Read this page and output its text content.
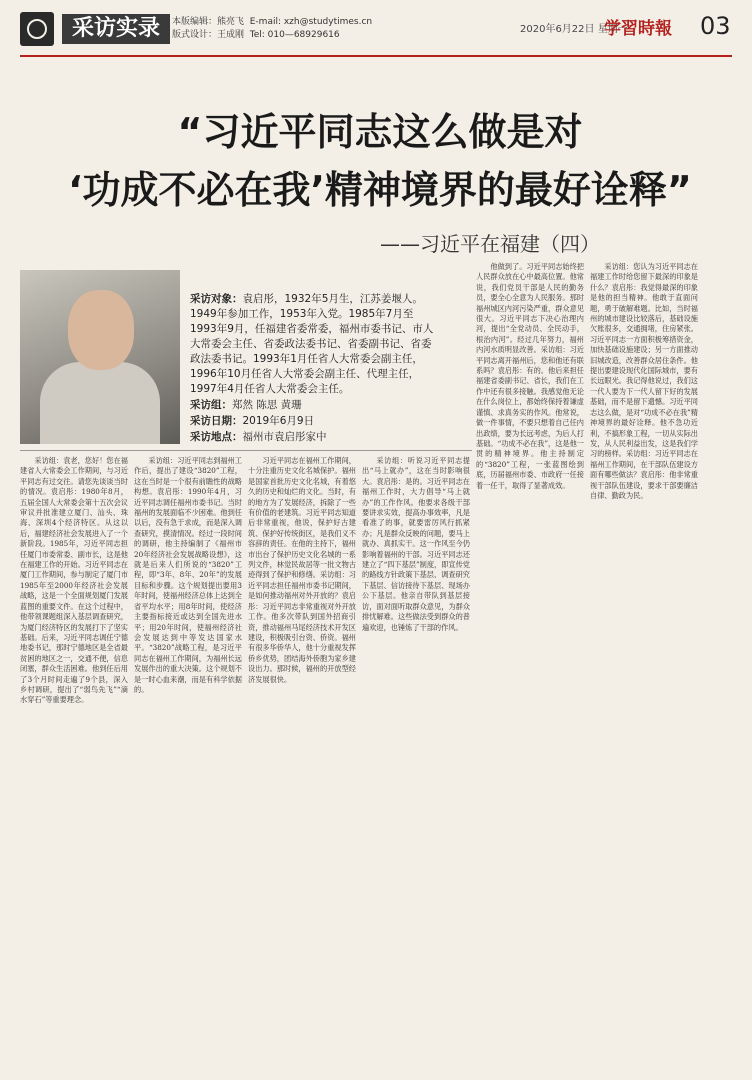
采访实录	本版编辑：熊亮飞 E-mail: xzh@studytimes.cn
版式设计：王成刚 Tel: 010—68929616	2020年6月22日 星期一
学習時報 03
“习近平同志这么做是对
‘功成不必在我’精神境界的最好诠释”
——习近平在福建（四）
采访对象：袁启彤，1932年5月生，江苏姜堰人。1949年参加工作，1953年入党。1985年7月至1993年9月，任福建省委常委，福州市委书记、市人大常委会主任、省委政法委书记、省委副书记、省委政法委书记。1993年1月任省人大常委会副主任，1996年10月任省人大常委会副主任、代理主任，1997年4月任省人大常委会主任。
采访组：郑然 陈思 黄珊
采访日期：2019年6月9日
采访地点：福州市袁启彤家中

采访组：袁老，您好！您在福建省人大常委会工作期间，与习近平同志有过交往。请您先谈谈当时的情况。袁启彤：1980年8月，五届全国人大常委会第十五次会议审议并批准建立厦门、汕头、珠海、深圳4个经济特区。从这以后，福建经济社会发展进入了一个新阶段。1985年，习近平同志担任厦门市委常委、副市长，这是他在福建工作的开始。习近平同志在厦门工作期间，参与制定了厦门市1985年至2000年经济社会发展战略，这是一个全面规划厦门发展蓝图的重要文件。在这个过程中，他带领课题组深入基层调查研究，为厦门经济特区的发展打下了坚实基础。后来，习近平同志调任宁德地委书记，那时宁德地区是全省最贫困的地区之一，交通不便，信息闭塞，群众生活困难。他到任后用了3个月时间走遍了9个县，深入乡村调研，提出了“弱鸟先飞”“滴水穿石”等重要理念。

采访组：习近平同志到福州工作后，提出了建设“3820”工程，这在当时是一个很有前瞻性的战略构想。袁启彤：1990年4月，习近平同志调任福州市委书记。当时福州的发展面临不少困难。他到任以后，没有急于求成，而是深入调查研究，摸清情况。经过一段时间的调研，他主持编制了《福州市20年经济社会发展战略设想》，这就是后来人们所说的“3820”工程，即“3年、8年、20年”的发展目标和步骤。这个规划提出要用3年时间，使福州经济总体上达到全省平均水平；用8年时间，使经济主要指标接近或达到全国先进水平；用20年时间，使福州经济社会发展达到中等发达国家水平。“3820”战略工程，是习近平同志在福州工作期间，为福州长远发展作出的重大决策。这个规划不是一时心血来潮，而是有科学依据的。

习近平同志在福州工作期间，十分注重历史文化名城保护。福州是国家首批历史文化名城，有着悠久的历史和灿烂的文化。当时，有的地方为了发展经济，拆除了一些有价值的老建筑。习近平同志知道后非常重视，他说，保护好古建筑、保护好传统街区，是我们义不容辞的责任。在他的主持下，福州市出台了保护历史文化名城的一系列文件，林觉民故居等一批文物古迹得到了保护和修缮。采访组：习近平同志担任福州市委书记期间，是如何推动福州对外开放的？袁启彤：习近平同志非常重视对外开放工作。他多次带队到国外招商引资，推动福州马尾经济技术开发区建设，积极吸引台资、侨资。福州有很多华侨华人，他十分重视发挥侨乡优势，团结海外侨胞为家乡建设出力。那时候，福州的开放型经济发展很快。

采访组：听说习近平同志提出“马上就办”，这在当时影响很大。袁启彤：是的。习近平同志在福州工作时，大力倡导“马上就办”的工作作风。他要求各级干部要讲求实效，提高办事效率，凡是看准了的事，就要雷厉风行抓紧办；凡是群众反映的问题，要马上就办、真抓实干。这一作风至今仍影响着福州的干部。习近平同志还建立了“四下基层”制度，即宣传党的路线方针政策下基层、调查研究下基层、信访接待下基层、现场办公下基层。他亲自带队到基层接访，面对面听取群众意见，为群众排忧解难。这些做法受到群众的普遍欢迎，也锤炼了干部的作风。

他做到了。习近平同志始终把人民群众放在心中最高位置。他常说，我们党员干部是人民的勤务员，要全心全意为人民服务。那时福州城区内河污染严重，群众意见很大。习近平同志下决心治理内河，提出“全党动员、全民动手，根治内河”。经过几年努力，福州内河水质明显改善。采访组：习近平同志离开福州后，您和他还有联系吗？袁启彤：有的。他后来担任福建省委副书记、省长，我们在工作中还有很多接触。我感觉他无论在什么岗位上，都始终保持着谦虚谨慎、求真务实的作风。他常说，做一件事情，不要只想着自己任内出政绩，要为长远考虑，为后人打基础。“功成不必在我”，这是他一贯的精神境界。他主持制定的“3820”工程，一张蓝图绘到底，历届福州市委、市政府一任接着一任干，取得了显著成效。

采访组：您认为习近平同志在福建工作时给您留下最深的印象是什么？袁启彤：我觉得最深的印象是他的担当精神。他敢于直面问题，勇于破解难题。比如，当时福州的城市建设比较落后，基础设施欠账很多，交通拥堵，住房紧张。习近平同志一方面积极筹措资金，加快基础设施建设；另一方面推动旧城改造，改善群众居住条件。他提出要建设现代化国际城市，要有长远眼光。我记得他说过，我们这一代人要为下一代人留下好的发展基础，而不是留下遗憾。习近平同志这么做，是对“功成不必在我”精神境界的最好诠释。他不急功近利，不搞形象工程，一切从实际出发，从人民利益出发，这是我们学习的榜样。采访组：习近平同志在福州工作期间，在干部队伍建设方面有哪些做法？袁启彤：他非常重视干部队伍建设，要求干部要廉洁自律、勤政为民。
